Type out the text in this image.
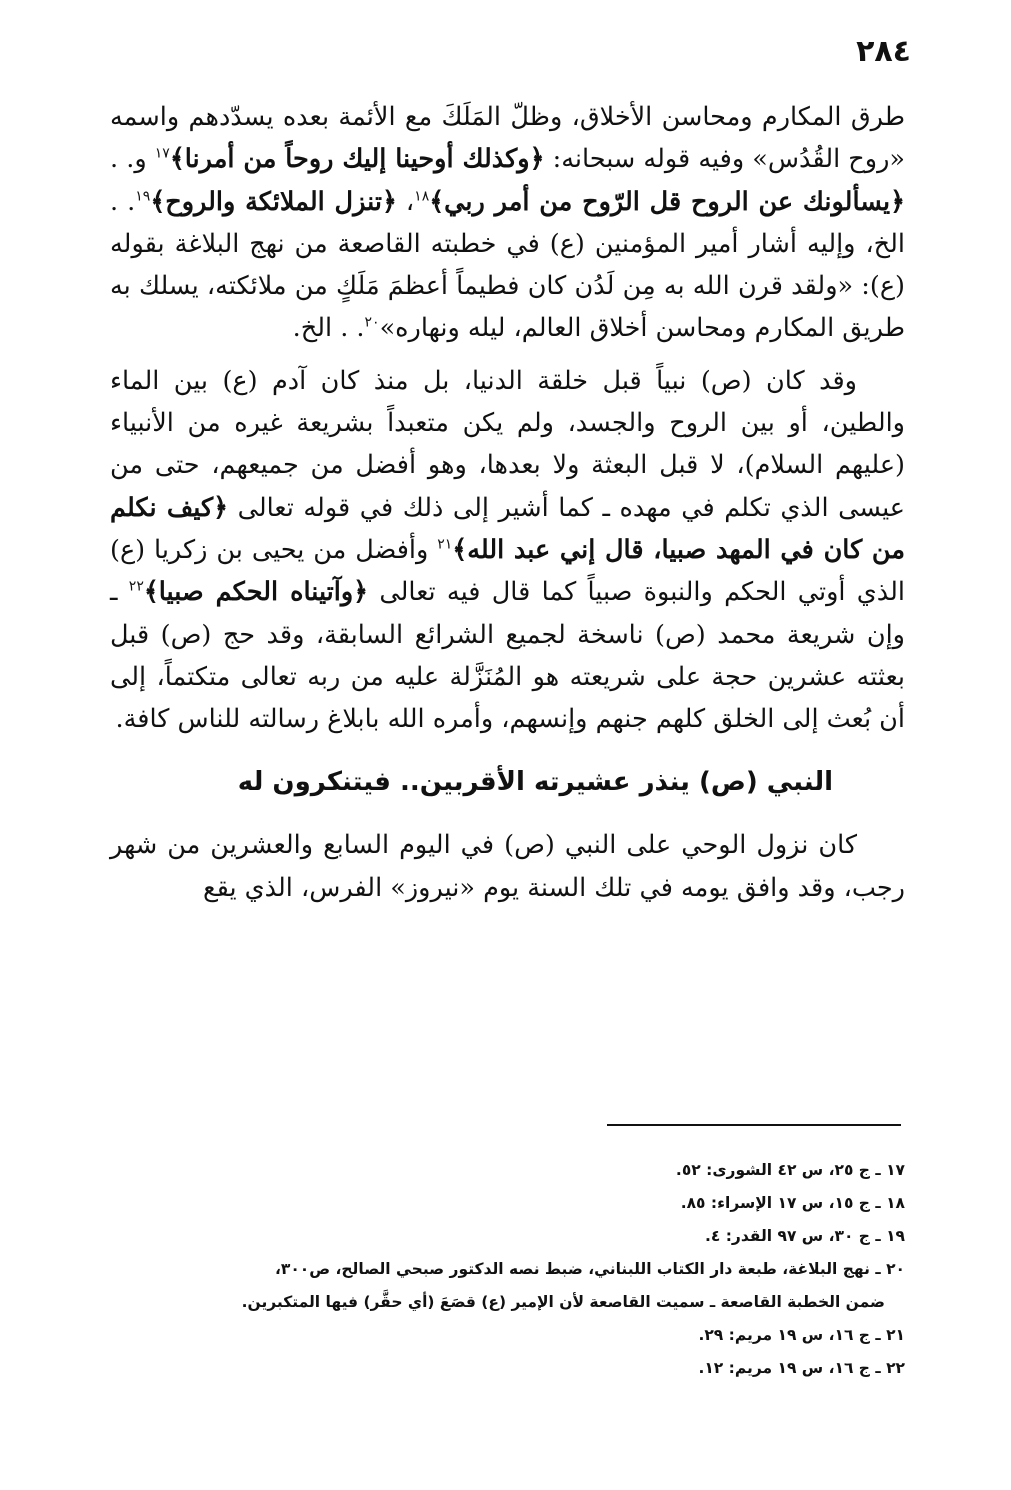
٢٨٤

طرق المكارم ومحاسن الأخلاق، وظلّ المَلَكَ مع الأئمة بعده يسدّدهم واسمه «روح القُدُس» وفيه قوله سبحانه: ﴿وكذلك أوحينا إليك روحاً من أمرنا﴾$^{١٧}$ و. . ﴿يسألونك عن الروح قل الرّوح من أمر ربي﴾$^{١٨}$، ﴿تنزل الملائكة والروح﴾$^{١٩}$. . الخ، وإليه أشار أمير المؤمنين (ع) في خطبته القاصعة من نهج البلاغة بقوله (ع): «ولقد قرن الله به مِن لَدُن كان فطيماً أعظمَ مَلَكٍ من ملائكته، يسلك به طريق المكارم ومحاسن أخلاق العالم، ليله ونهاره»$^{٢٠}$. . الخ.

وقد كان (ص) نبياً قبل خلقة الدنيا، بل منذ كان آدم (ع) بين الماء والطين، أو بين الروح والجسد، ولم يكن متعبداً بشريعة غيره من الأنبياء (عليهم السلام)، لا قبل البعثة ولا بعدها، وهو أفضل من جميعهم، حتى من عيسى الذي تكلم في مهده ـ كما أشير إلى ذلك في قوله تعالى ﴿كيف نكلم من كان في المهد صبيا، قال إني عبد الله﴾$^{٢١}$ وأفضل من يحيى بن زكريا (ع) الذي أوتي الحكم والنبوة صبياً كما قال فيه تعالى ﴿وآتيناه الحكم صبيا﴾$^{٢٢}$ ـ وإن شريعة محمد (ص) ناسخة لجميع الشرائع السابقة، وقد حج (ص) قبل بعثته عشرين حجة على شريعته هو المُنَزَّلة عليه من ربه تعالى متكتماً، إلى أن بُعث إلى الخلق كلهم جنهم وإنسهم، وأمره الله بابلاغ رسالته للناس كافة.

النبي (ص) ينذر عشيرته الأقربين.. فيتنكرون له

كان نزول الوحي على النبي (ص) في اليوم السابع والعشرين من شهر رجب، وقد وافق يومه في تلك السنة يوم «نيروز» الفرس، الذي يقع

١٧ ـ ج ٢٥، س ٤٢ الشورى: ٥٢.

١٨ ـ ج ١٥، س ١٧ الإسراء: ٨٥.

١٩ ـ ج ٣٠، س ٩٧ القدر: ٤.

٢٠ ـ نهج البلاغة، طبعة دار الكتاب اللبناني، ضبط نصه الدكتور صبحي الصالح، ص٣٠٠،

ضمن الخطبة القاصعة ـ سميت القاصعة لأن الإمير (ع) قصَعَ (أي حقَّر) فيها المتكبرين.

٢١ ـ ج ١٦، س ١٩ مريم: ٢٩.

٢٢ ـ ج ١٦، س ١٩ مريم: ١٢.
